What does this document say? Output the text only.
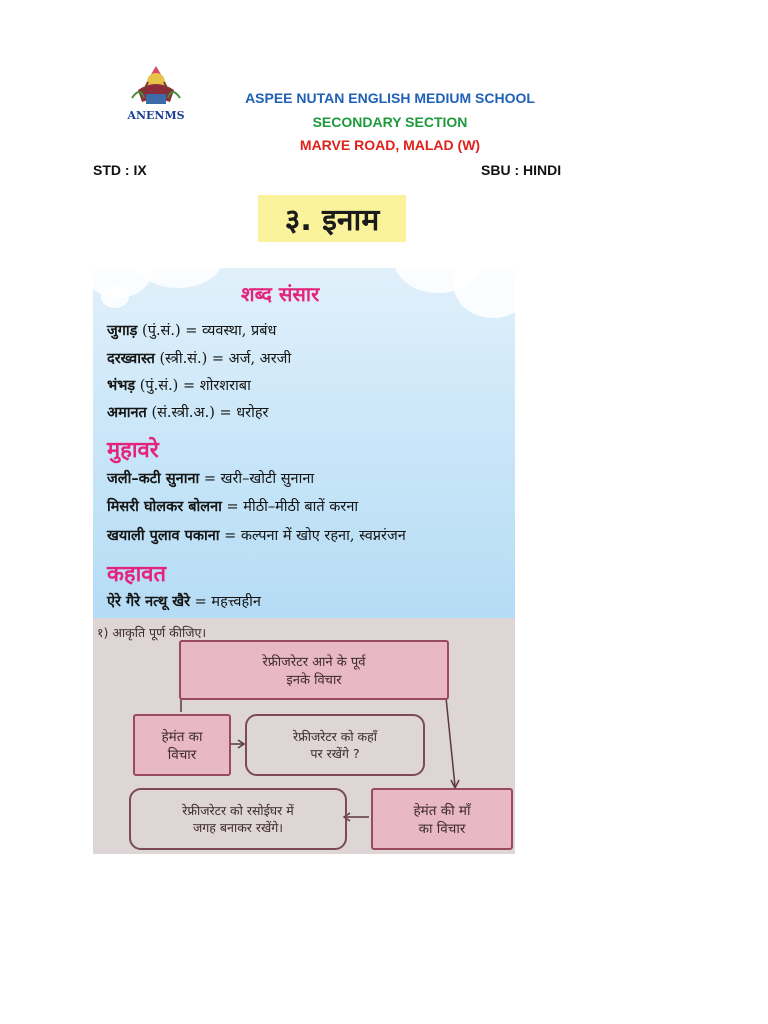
ANENMS
ASPEE NUTAN ENGLISH MEDIUM SCHOOL
SECONDARY SECTION
MARVE ROAD, MALAD (W)
STD : IX	SBU : HINDI
३. इनाम
शब्द संसार
जुगाड़ (पुं.सं.) = व्यवस्था, प्रबंध
दरख्वास्त (स्त्री.सं.) = अर्ज, अरजी
भंभड़ (पुं.सं.) = शोरशराबा
अमानत (सं.स्त्री.अ.) = धरोहर
मुहावरे
जली–कटी सुनाना = खरी–खोटी सुनाना
मिसरी घोलकर बोलना = मीठी–मीठी बातें करना
खयाली पुलाव पकाना = कल्पना में खोए रहना, स्वप्नरंजन
कहावत
ऐरे गैरे नत्थू खैरे = महत्त्वहीन
१) आकृति पूर्ण कीजिए।
रेफ्रीजरेटर आने के पूर्व
इनके विचार
हेमंत का
विचार
रेफ्रीजरेटर को कहाँ
पर रखेंगे ?
रेफ्रीजरेटर को रसोईघर में
जगह बनाकर रखेंगे।
हेमंत की माँ
का विचार
